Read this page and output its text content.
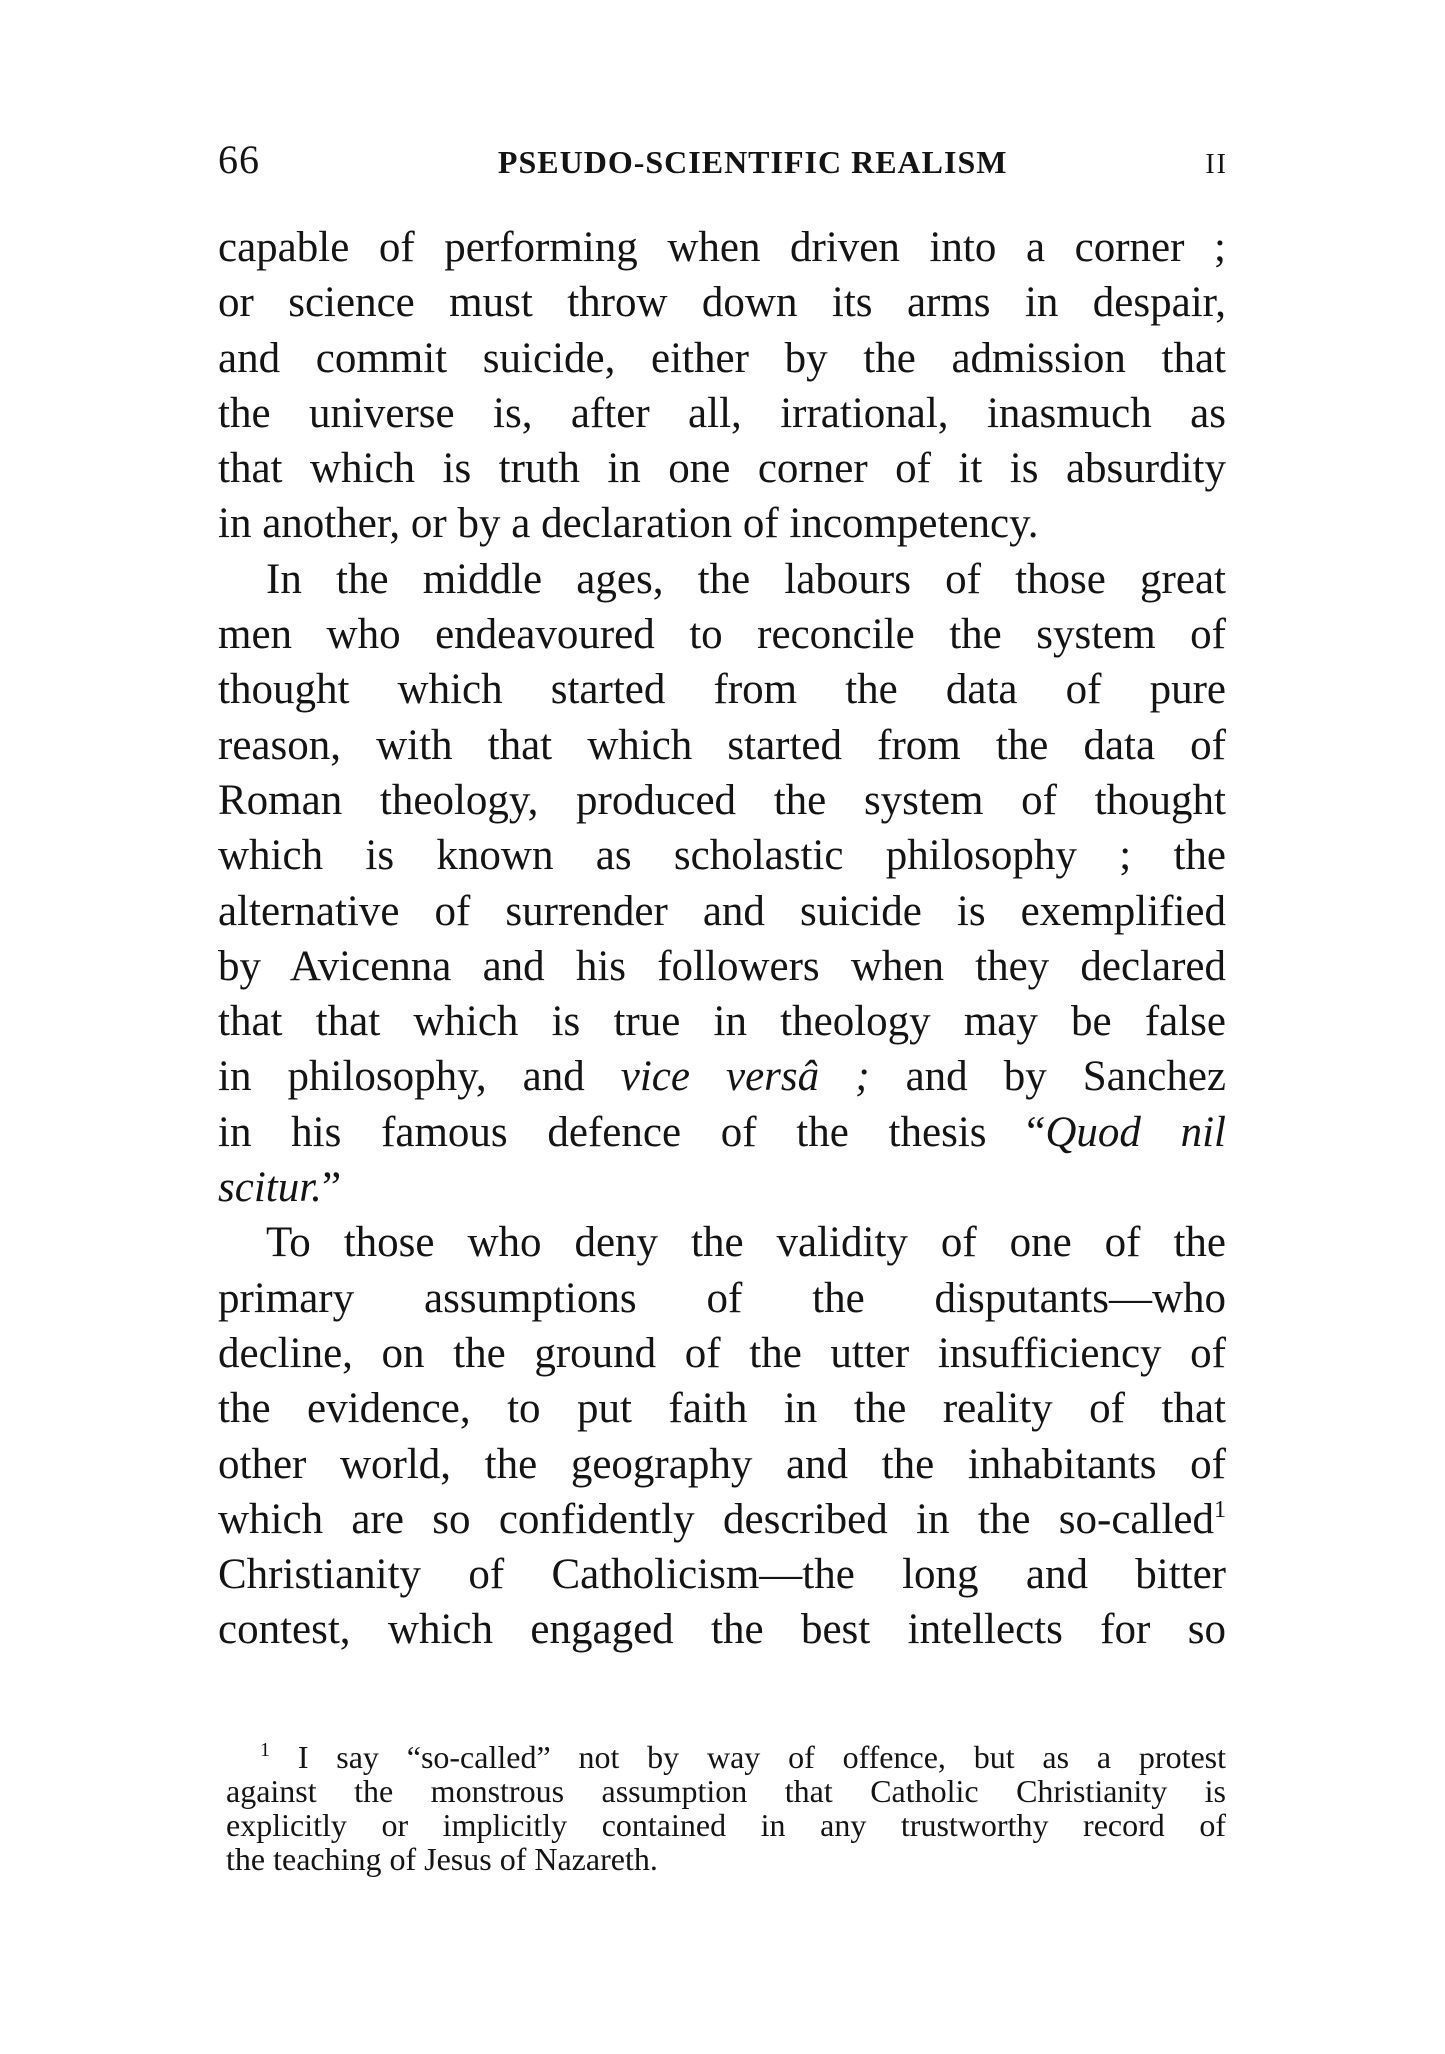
66	PSEUDO-SCIENTIFIC REALISM	II
capable of performing when driven into a corner ;
or science must throw down its arms in despair,
and commit suicide, either by the admission that
the universe is, after all, irrational, inasmuch as
that which is truth in one corner of it is absurdity
in another, or by a declaration of incompetency.
In the middle ages, the labours of those great
men who endeavoured to reconcile the system of
thought which started from the data of pure
reason, with that which started from the data of
Roman theology, produced the system of thought
which is known as scholastic philosophy ; the
alternative of surrender and suicide is exemplified
by Avicenna and his followers when they declared
that that which is true in theology may be false
in philosophy, and vice versâ ; and by Sanchez
in his famous defence of the thesis “Quod nil
scitur.”
To those who deny the validity of one of the
primary assumptions of the disputants—who
decline, on the ground of the utter insufficiency of
the evidence, to put faith in the reality of that
other world, the geography and the inhabitants of
which are so confidently described in the so-called$^1$
Christianity of Catholicism—the long and bitter
contest, which engaged the best intellects for so
$^1$ I say “so-called” not by way of offence, but as a protest
against the monstrous assumption that Catholic Christianity is
explicitly or implicitly contained in any trustworthy record of
the teaching of Jesus of Nazareth.
